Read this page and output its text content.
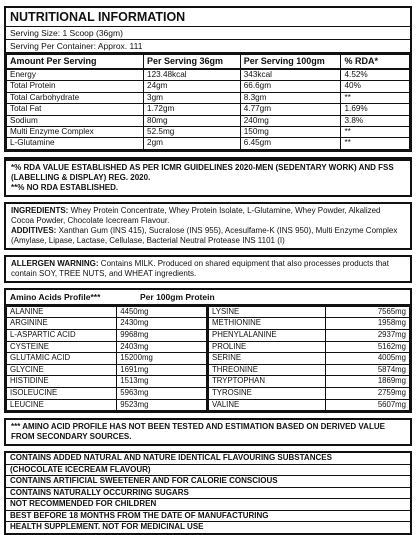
NUTRITIONAL INFORMATION
Serving Size: 1 Scoop (36gm)
Serving Per Container: Approx. 111
Amount Per Serving	Per Serving 36gm	Per Serving 100gm	% RDA*
Energy	123.48kcal	343kcal	4.52%
Total Protein	24gm	66.6gm	40%
Total Carbohydrate	3gm	8.3gm	**
Total Fat	1.72gm	4.77gm	1.69%
Sodium	80mg	240mg	3.8%
Multi Enzyme Complex	52.5mg	150mg	**
L-Glutamine	2gm	6.45gm	**
*% RDA VALUE ESTABLISHED AS PER ICMR GUIDELINES 2020-MEN (SEDENTARY WORK) AND FSS (LABELLING & DISPLAY) REG. 2020.
**% NO RDA ESTABLISHED.
INGREDIENTS: Whey Protein Concentrate, Whey Protein Isolate, L-Glutamine, Whey Powder, Alkalized Cocoa Powder, Chocolate Icecream Flavour.
ADDITIVES: Xanthan Gum (INS 415), Sucralose (INS 955), Acesulfame-K (INS 950), Multi Enzyme Complex (Amylase, Lipase, Lactase, Cellulase, Bacterial Neutral Protease INS 1101 (I)
ALLERGEN WARNING: Contains MILK. Produced on shared equipment that also processes products that contain SOY, TREE NUTS, and WHEAT ingredients.
Amino Acids Profile***	Per 100gm Protein
ALANINE	4450mg
ARGININE	2430mg
L-ASPARTIC ACID	9968mg
CYSTEINE	2403mg
GLUTAMIC ACID	15200mg
GLYCINE	1691mg
HISTIDINE	1513mg
ISOLEUCINE	5963mg
LEUCINE	9523mg
LYSINE	7565mg
METHIONINE	1958mg
PHENYLALANINE	2937mg
PROLINE	5162mg
SERINE	4005mg
THREONINE	5874mg
TRYPTOPHAN	1869mg
TYROSINE	2759mg
VALINE	5607mg
*** AMINO ACID PROFILE HAS NOT BEEN TESTED AND ESTIMATION BASED ON DERIVED VALUE FROM SECONDARY SOURCES.
CONTAINS ADDED NATURAL AND NATURE IDENTICAL FLAVOURING SUBSTANCES
(CHOCOLATE ICECREAM FLAVOUR)
CONTAINS ARTIFICIAL SWEETENER AND FOR CALORIE CONSCIOUS
CONTAINS NATURALLY OCCURRING SUGARS
NOT RECOMMENDED FOR CHILDREN
BEST BEFORE 18 MONTHS FROM THE DATE OF MANUFACTURING
HEALTH SUPPLEMENT. NOT FOR MEDICINAL USE
